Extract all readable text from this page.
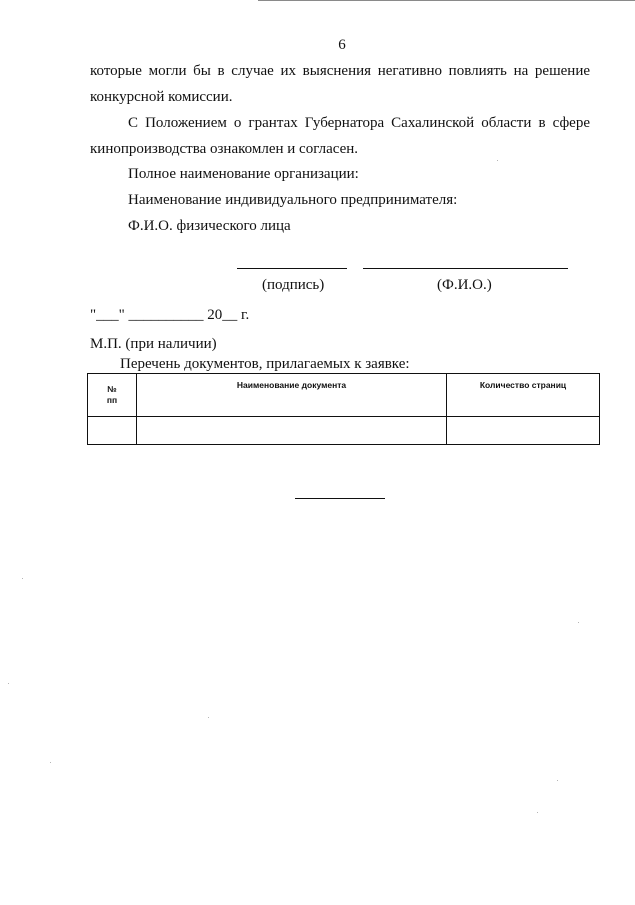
6
которые могли бы в случае их выяснения негативно повлиять на решение
конкурсной комиссии.
С Положением о грантах Губернатора Сахалинской области в сфере
кинопроизводства ознакомлен и согласен.
Полное наименование организации:
Наименование индивидуального предпринимателя:
Ф.И.О. физического лица
(подпись)	(Ф.И.О.)
"___" __________ 20__ г.
М.П. (при наличии)
Перечень документов, прилагаемых к заявке:
№
пп	Наименование документа	Количество страниц
